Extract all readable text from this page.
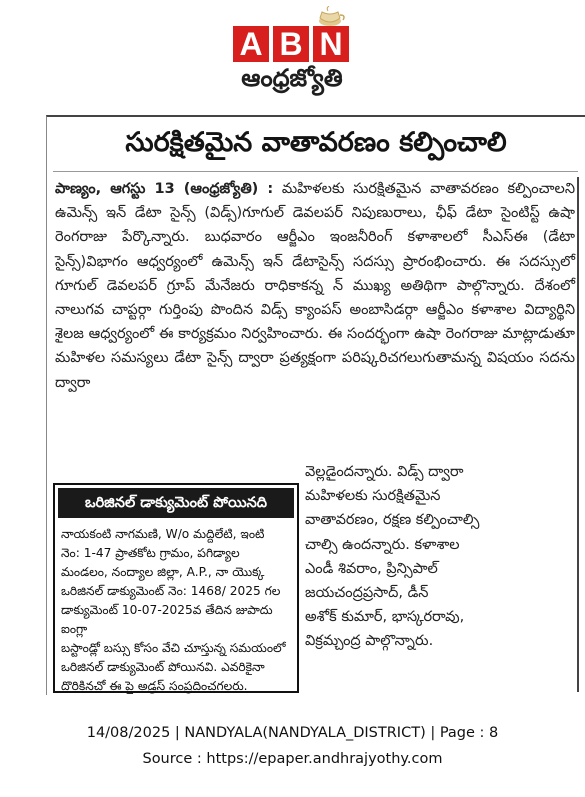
A B N
ఆంధ్రజ్యోతి
సురక్షితమైన వాతావరణం కల్పించాలి
పాణ్యం, ఆగస్టు 13 (ఆంధ్రజ్యోతి) : మహిళలకు సురక్షితమైన వాతావరణం కల్పించాలని ఉమెన్స్ ఇన్ డేటా సైన్స్ (విడ్స్)గూగుల్ డెవలపర్ నిపుణురాలు, ఛీఫ్ డేటా సైంటిస్ట్ ఉషా రెంగరాజు పేర్కొన్నారు. బుధవారం ఆర్జీఎం ఇంజనీరింగ్ కళాశాలలో సీఎస్ఈ (డేటా సైన్స్)విభాగం ఆధ్వర్యంలో ఉమెన్స్ ఇన్ డేటాసైన్స్ సదస్సు ప్రారంభించారు. ఈ సదస్సులో గూగుల్ డెవలపర్ గ్రూప్ మేనేజరు రాధికాకన్న న్ ముఖ్య అతిథిగా పాల్గొన్నారు. దేశంలో నాలుగవ చాప్టర్గా గుర్తింపు పొందిన విడ్స్ క్యాంపస్ అంబాసిడర్గా ఆర్జీఎం కళాశాల విద్యార్థిని శైలజ ఆధ్వర్యంలో ఈ కార్యక్రమం నిర్వహించారు. ఈ సందర్భంగా ఉషా రెంగరాజు మాట్లాడుతూ మహిళల సమస్యలు డేటా సైన్స్ ద్వారా ప్రత్యక్షంగా పరిష్కరిచగలుగుతామన్న విషయం సదను ద్వారా

వెల్లడైందన్నారు. విడ్స్ ద్వారా

మహిళలకు సురక్షితమైన

వాతావరణం, రక్షణ కల్పించాల్సి

చాల్సి ఉందన్నారు. కళాశాల

ఎండీ శివరాం, ప్రిన్సిపాల్

జయచంద్రప్రసాద్, డీన్

అశోక్ కుమార్, భాస్కరరావు,

విక్రమ్చంద్ర పాల్గొన్నారు.

ఒరిజినల్ డాక్యుమెంట్ పోయినది

నాయకంటి నాగమణి, W/o మద్దిలేటి, ఇంటి

నెం: 1-47 ప్రాతకోట గ్రామం, పగిడ్యాల

మండలం, నంద్యాల జిల్లా, A.P., నా యొక్క

ఒరిజినల్ డాక్యుమెంట్ నెం: 1468/ 2025 గల

డాక్యుమెంట్ 10-07-2025వ తేదిన జుపాదు ఐంగ్లా

బస్టాండ్లో బస్సు కోసం వేచి చూస్తున్న సమయంలో

ఒరిజినల్ డాక్యుమెంట్ పోయినవి. ఎవరికైనా

దొరికినచో ఈ పై అడ్రస్ సంప్రదించగలరు.

14/08/2025 | NANDYALA(NANDYALA_DISTRICT) | Page : 8
Source : https://epaper.andhrajyothy.com
